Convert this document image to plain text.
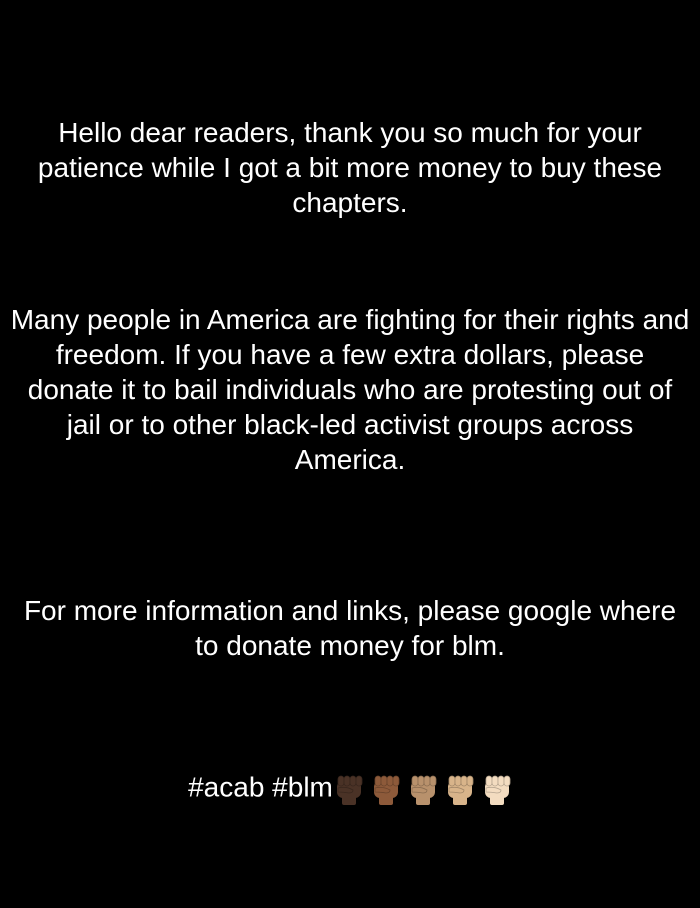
Hello dear readers, thank you so much for your patience while I got a bit more money to buy these chapters.

Many people in America are fighting for their rights and freedom. If you have a few extra dollars, please donate it to bail individuals who are protesting out of jail or to other black-led activist groups across America.

For more information and links, please google where to donate money for blm.

#acab #blm
